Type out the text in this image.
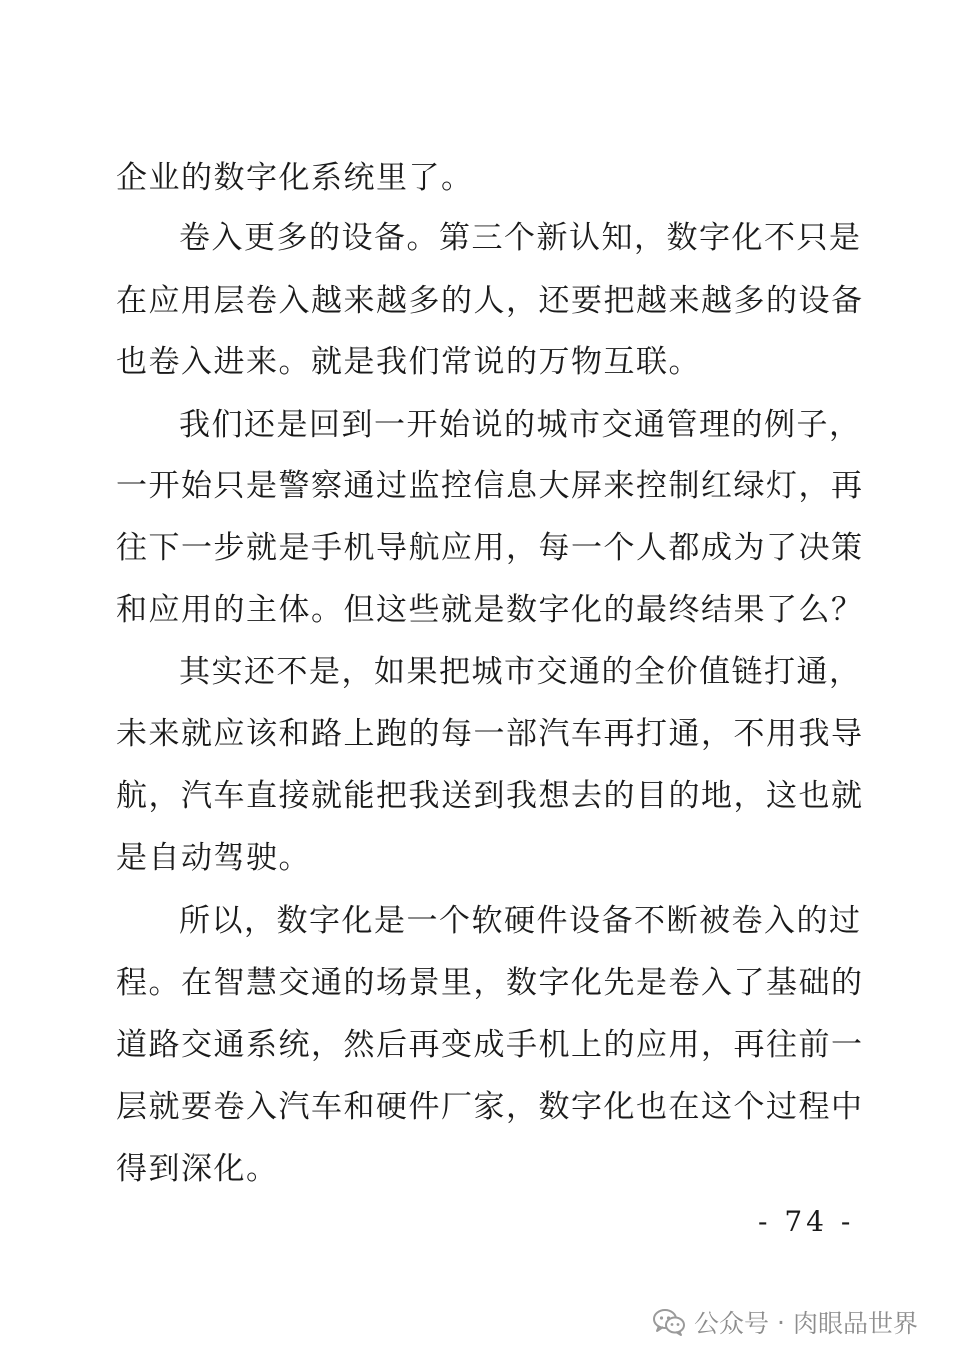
企业的数字化系统里了。
卷入更多的设备。第三个新认知，数字化不只是
在应用层卷入越来越多的人，还要把越来越多的设备
也卷入进来。就是我们常说的万物互联。
我们还是回到一开始说的城市交通管理的例子，
一开始只是警察通过监控信息大屏来控制红绿灯，再
往下一步就是手机导航应用，每一个人都成为了决策
和应用的主体。但这些就是数字化的最终结果了么？
其实还不是，如果把城市交通的全价值链打通，
未来就应该和路上跑的每一部汽车再打通，不用我导
航，汽车直接就能把我送到我想去的目的地，这也就
是自动驾驶。
所以，数字化是一个软硬件设备不断被卷入的过
程。在智慧交通的场景里，数字化先是卷入了基础的
道路交通系统，然后再变成手机上的应用，再往前一
层就要卷入汽车和硬件厂家，数字化也在这个过程中
得到深化。
- 74 -
公众号 · 肉眼品世界
